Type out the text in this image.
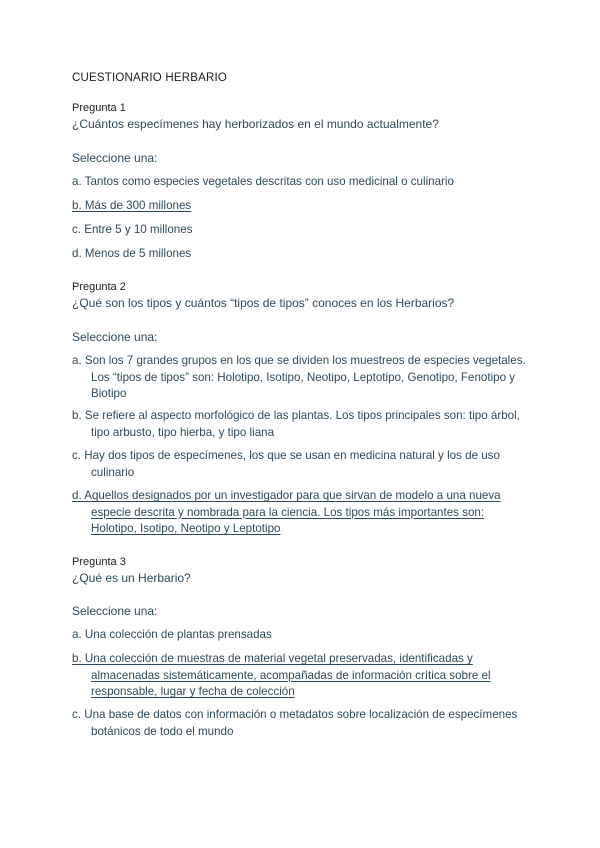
CUESTIONARIO HERBARIO
Pregunta 1
¿Cuántos especímenes hay herborizados en el mundo actualmente?
Seleccione una:
a. Tantos como especies vegetales descritas con uso medicinal o culinario
b. Más de 300 millones
c. Entre 5 y 10 millones
d. Menos de 5 millones
Pregunta 2
¿Qué son los tipos y cuántos “tipos de tipos” conoces en los Herbarios?
Seleccione una:
a. Son los 7 grandes grupos en los que se dividen los muestreos de especies vegetales. Los “tipos de tipos” son: Holotipo, Isotipo, Neotipo, Leptotipo, Genotipo, Fenotipo y Biotipo
b. Se refiere al aspecto morfológico de las plantas. Los tipos principales son: tipo árbol, tipo arbusto, tipo hierba, y tipo liana
c. Hay dos tipos de especímenes, los que se usan en medicina natural y los de uso culinario
d. Aquellos designados por un investigador para que sirvan de modelo a una nueva especie descrita y nombrada para la ciencia. Los tipos más importantes son: Holotipo, Isotipo, Neotipo y Leptotipo
Pregunta 3
¿Qué es un Herbario?
Seleccione una:
a. Una colección de plantas prensadas
b. Una colección de muestras de material vegetal preservadas, identificadas y almacenadas sistemáticamente, acompañadas de información crítica sobre el responsable, lugar y fecha de colección
c. Una base de datos con información o metadatos sobre localización de especímenes botánicos de todo el mundo
